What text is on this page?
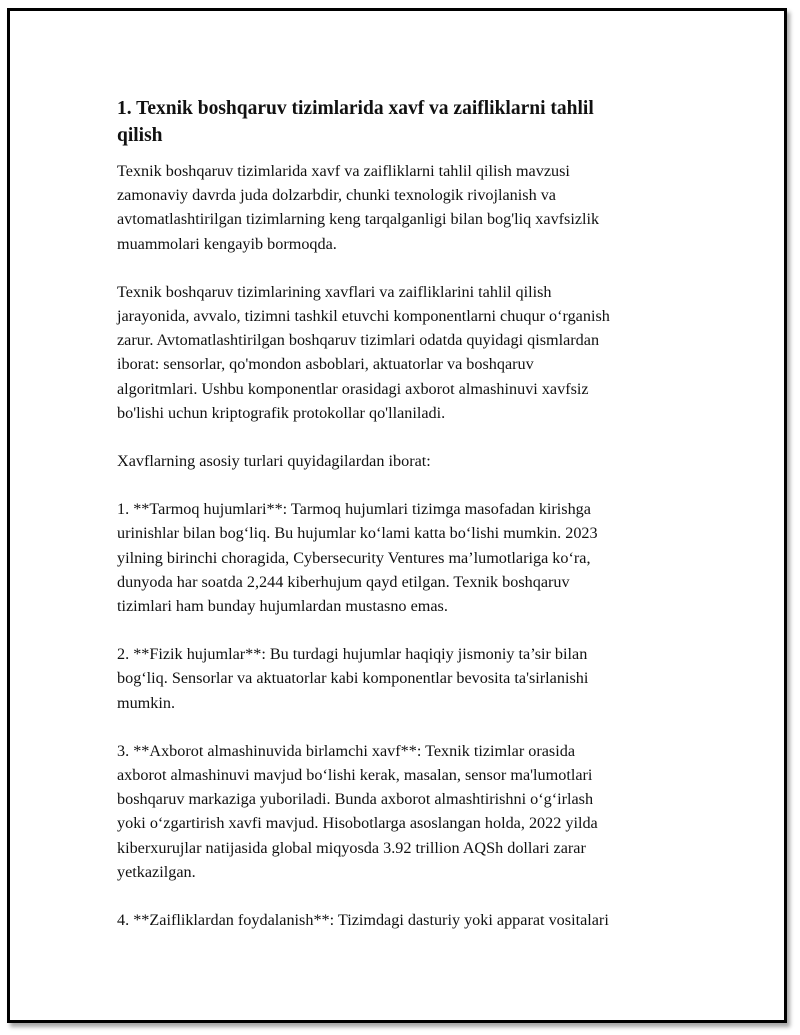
1. Texnik boshqaruv tizimlarida xavf va zaifliklarni tahlil
qilish

Texnik boshqaruv tizimlarida xavf va zaifliklarni tahlil qilish mavzusi
zamonaviy davrda juda dolzarbdir, chunki texnologik rivojlanish va
avtomatlashtirilgan tizimlarning keng tarqalganligi bilan bog'liq xavfsizlik
muammolari kengayib bormoqda.

Texnik boshqaruv tizimlarining xavflari va zaifliklarini tahlil qilish
jarayonida, avvalo, tizimni tashkil etuvchi komponentlarni chuqur o‘rganish
zarur. Avtomatlashtirilgan boshqaruv tizimlari odatda quyidagi qismlardan
iborat: sensorlar, qo'mondon asboblari, aktuatorlar va boshqaruv
algoritmlari. Ushbu komponentlar orasidagi axborot almashinuvi xavfsiz
bo'lishi uchun kriptografik protokollar qo'llaniladi.

Xavflarning asosiy turlari quyidagilardan iborat:

1. **Tarmoq hujumlari**: Tarmoq hujumlari tizimga masofadan kirishga
urinishlar bilan bog‘liq. Bu hujumlar ko‘lami katta bo‘lishi mumkin. 2023
yilning birinchi choragida, Cybersecurity Ventures ma’lumotlariga ko‘ra,
dunyoda har soatda 2,244 kiberhujum qayd etilgan. Texnik boshqaruv
tizimlari ham bunday hujumlardan mustasno emas.

2. **Fizik hujumlar**: Bu turdagi hujumlar haqiqiy jismoniy ta’sir bilan
bog‘liq. Sensorlar va aktuatorlar kabi komponentlar bevosita ta'sirlanishi
mumkin.

3. **Axborot almashinuvida birlamchi xavf**: Texnik tizimlar orasida
axborot almashinuvi mavjud bo‘lishi kerak, masalan, sensor ma'lumotlari
boshqaruv markaziga yuboriladi. Bunda axborot almashtirishni o‘g‘irlash
yoki o‘zgartirish xavfi mavjud. Hisobotlarga asoslangan holda, 2022 yilda
kiberxurujlar natijasida global miqyosda 3.92 trillion AQSh dollari zarar
yetkazilgan.

4. **Zaifliklardan foydalanish**: Tizimdagi dasturiy yoki apparat vositalari
